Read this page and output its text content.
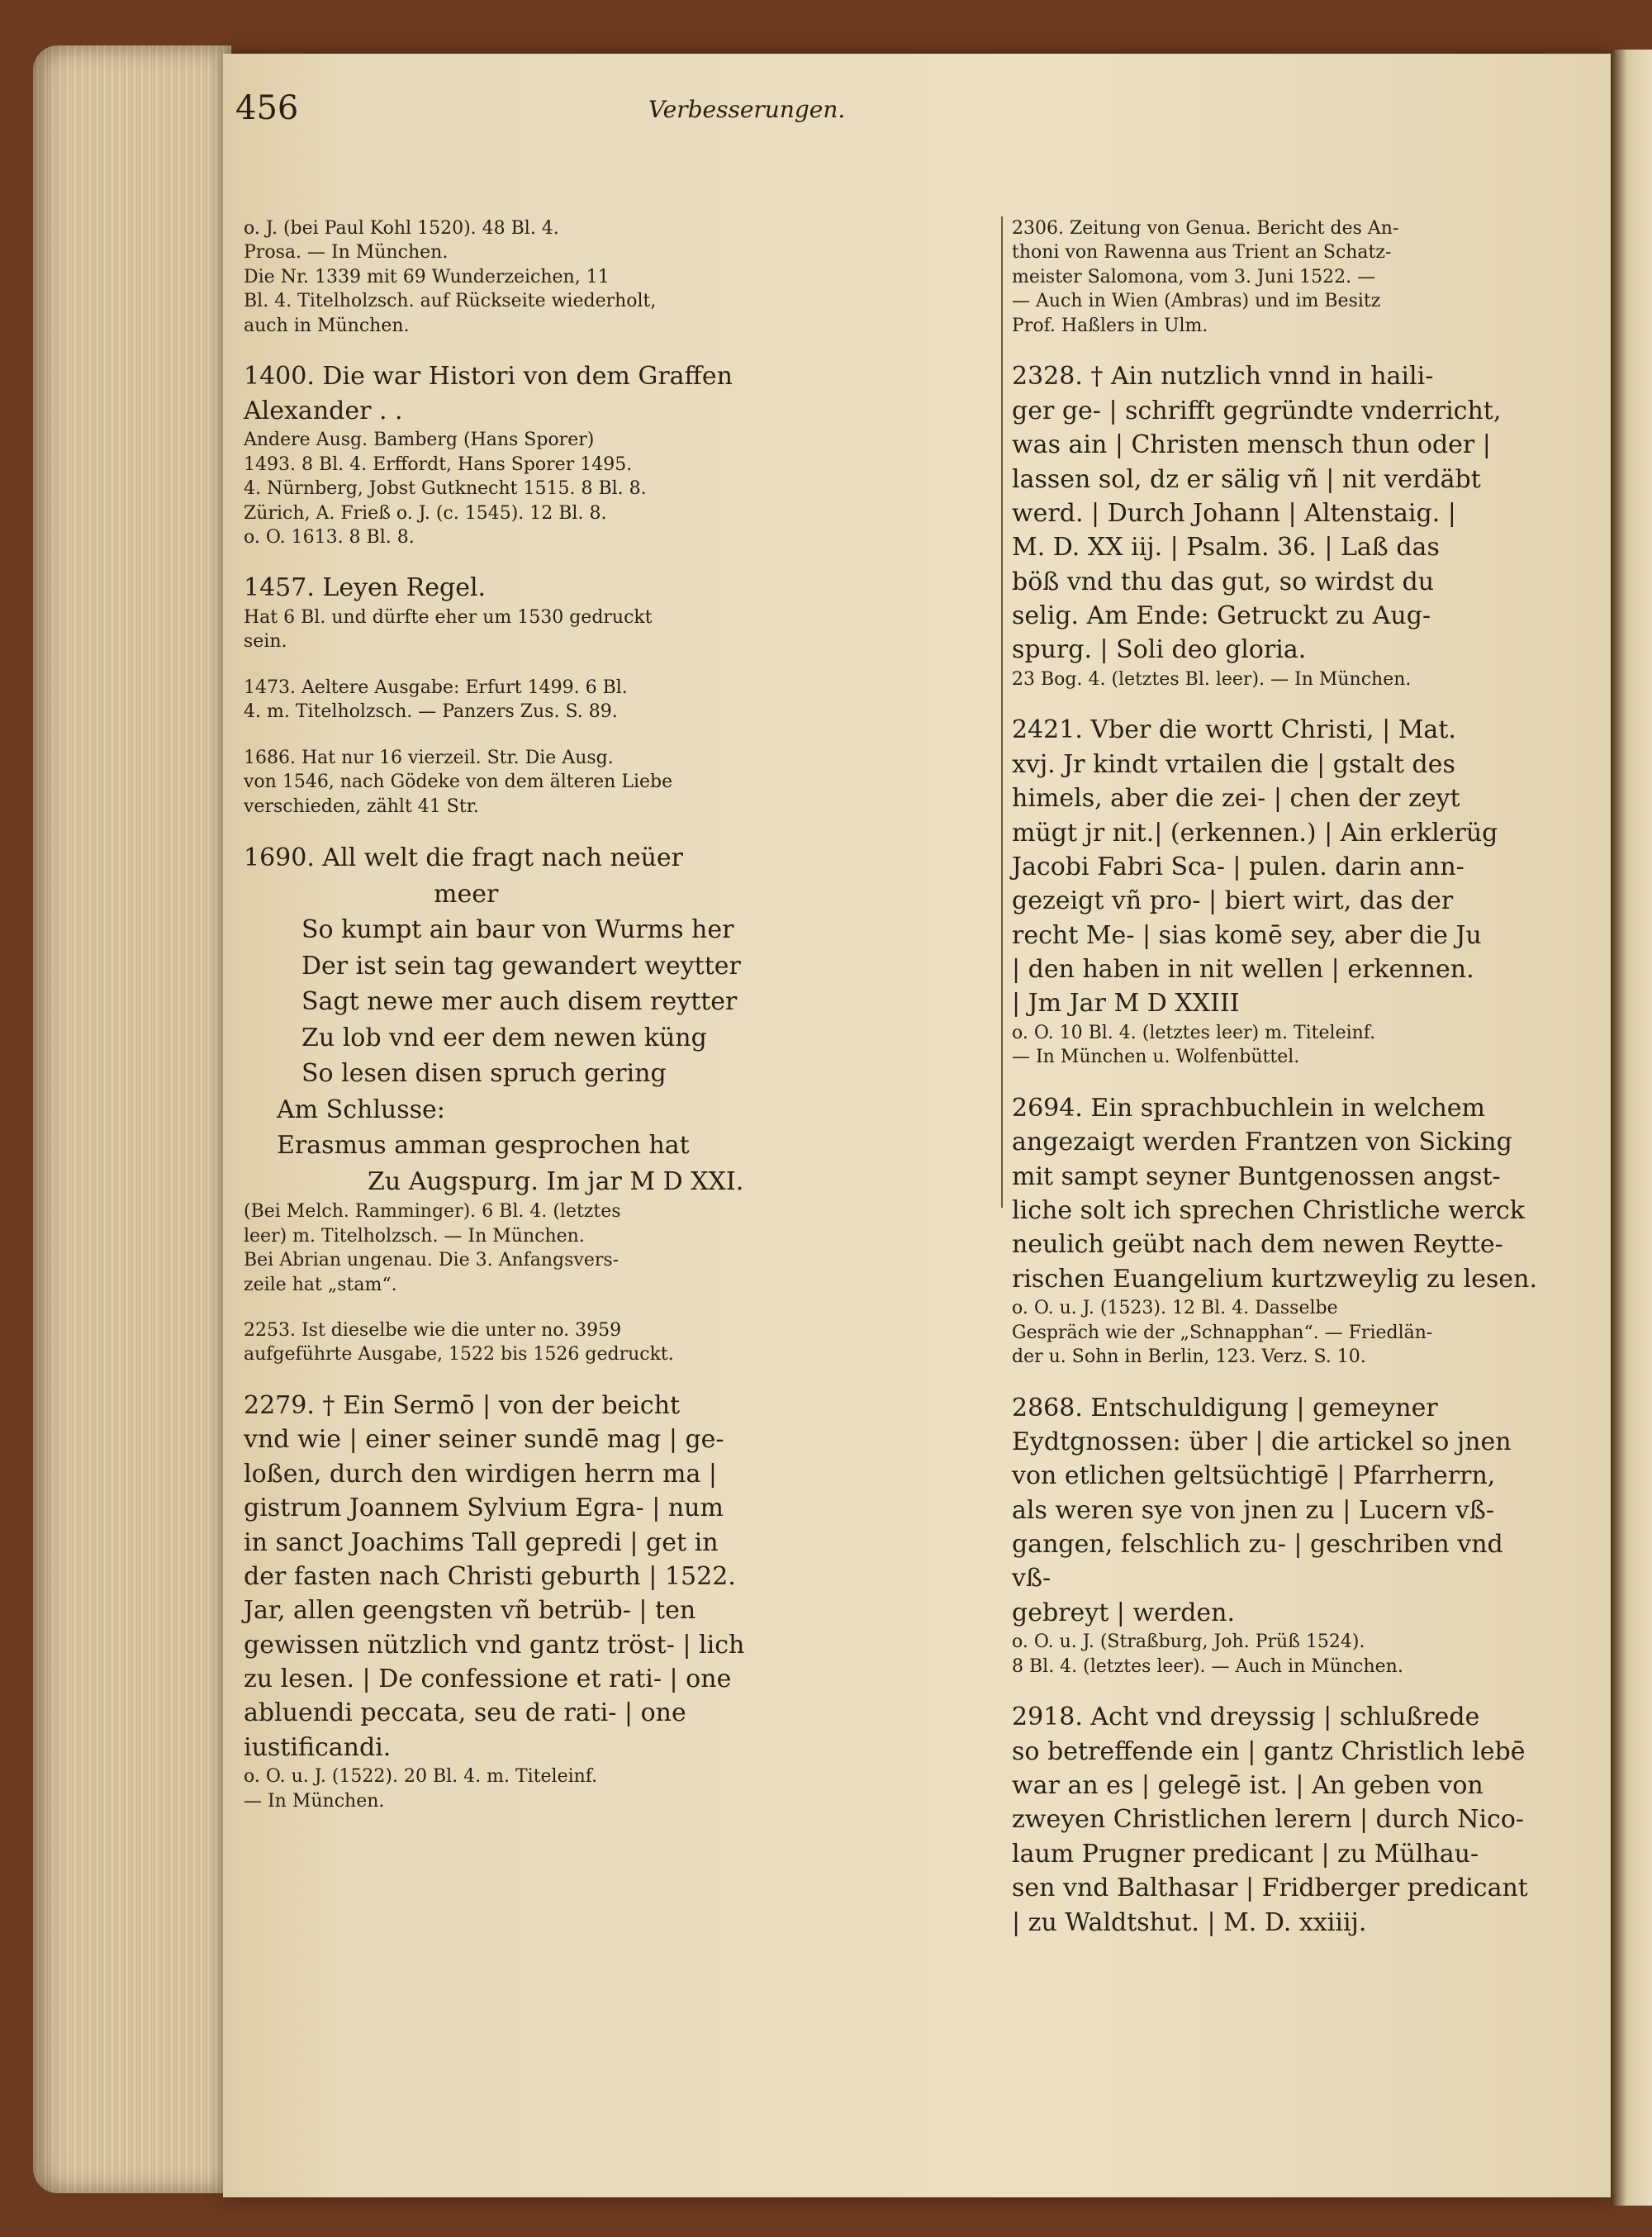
456	Verbesserungen.

o. J. (bei Paul Kohl 1520). 48 Bl. 4.

Prosa. — In München.

Die Nr. 1339 mit 69 Wunderzeichen, 11

Bl. 4. Titelholzsch. auf Rückseite wiederholt,

auch in München.

1400. Die war Histori von dem Graffen Alexander . .

Andere Ausg. Bamberg (Hans Sporer)

1493. 8 Bl. 4. Erffordt, Hans Sporer 1495.

4. Nürnberg, Jobst Gutknecht 1515. 8 Bl. 8.

Zürich, A. Frieß o. J. (c. 1545). 12 Bl. 8.

o. O. 1613. 8 Bl. 8.

1457. Leyen Regel.

Hat 6 Bl. und dürfte eher um 1530 gedruckt

sein.

1473. Aeltere Ausgabe: Erfurt 1499. 6 Bl.

4. m. Titelholzsch. — Panzers Zus. S. 89.

1686. Hat nur 16 vierzeil. Str. Die Ausg.

von 1546, nach Gödeke von dem älteren Liebe

verschieden, zählt 41 Str.

1690. All welt die fragt nach neüer
meer
So kumpt ain baur von Wurms her
Der ist sein tag gewandert weytter
Sagt newe mer auch disem reytter
Zu lob vnd eer dem newen küng
So lesen disen spruch gering
Am Schlusse:
Erasmus amman gesprochen hat
Zu Augspurg. Im jar M D XXI.

(Bei Melch. Ramminger). 6 Bl. 4. (letztes

leer) m. Titelholzsch. — In München.

Bei Abrian ungenau. Die 3. Anfangsvers-

zeile hat „stam“.

2253. Ist dieselbe wie die unter no. 3959

aufgeführte Ausgabe, 1522 bis 1526 gedruckt.

2279. † Ein Sermō | von der beicht

vnd wie | einer seiner sundē mag | ge-

loßen, durch den wirdigen herrn ma |

gistrum Joannem Sylvium Egra- | num

in sanct Joachims Tall gepredi | get in

der fasten nach Christi geburth | 1522.

Jar, allen geengsten vñ betrüb- | ten

gewissen nützlich vnd gantz tröst- | lich

zu lesen. | De confessione et rati- | one

abluendi peccata, seu de rati- | one

iustificandi.

o. O. u. J. (1522). 20 Bl. 4. m. Titeleinf.

— In München.

2306. Zeitung von Genua. Bericht des An-

thoni von Rawenna aus Trient an Schatz-

meister Salomona, vom 3. Juni 1522. —

— Auch in Wien (Ambras) und im Besitz

Prof. Haßlers in Ulm.

2328. † Ain nutzlich vnnd in haili-

ger ge- | schrifft gegründte vnderricht,

was ain | Christen mensch thun oder |

lassen sol, dz er sälig vñ | nit verdäbt

werd. | Durch Johann | Altenstaig. |

M. D. XX iij. | Psalm. 36. | Laß das

böß vnd thu das gut, so wirdst du

selig. Am Ende: Getruckt zu Aug-

spurg. | Soli deo gloria.

23 Bog. 4. (letztes Bl. leer). — In München.

2421. Vber die wortt Christi, | Mat.

xvj. Jr kindt vrtailen die | gstalt des

himels, aber die zei- | chen der zeyt

mügt jr nit.| (erkennen.) | Ain erklerüg

Jacobi Fabri Sca- | pulen. darin ann-

gezeigt vñ pro- | biert wirt, das der

recht Me- | sias komē sey, aber die Ju

| den haben in nit wellen | erkennen.

| Jm Jar M D XXIII

o. O. 10 Bl. 4. (letztes leer) m. Titeleinf.

— In München u. Wolfenbüttel.

2694. Ein sprachbuchlein in welchem

angezaigt werden Frantzen von Sicking

mit sampt seyner Buntgenossen angst-

liche solt ich sprechen Christliche werck

neulich geübt nach dem newen Reytte-

rischen Euangelium kurtzweylig zu lesen.

o. O. u. J. (1523). 12 Bl. 4. Dasselbe

Gespräch wie der „Schnapphan“. — Friedlän-

der u. Sohn in Berlin, 123. Verz. S. 10.

2868. Entschuldigung | gemeyner

Eydtgnossen: über | die artickel so jnen

von etlichen geltsüchtigē | Pfarrherrn,

als weren sye von jnen zu | Lucern vß-

gangen, felschlich zu- | geschriben vnd vß-

gebreyt | werden.

o. O. u. J. (Straßburg, Joh. Prüß 1524).

8 Bl. 4. (letztes leer). — Auch in München.

2918. Acht vnd dreyssig | schlußrede

so betreffende ein | gantz Christlich lebē

war an es | gelegē ist. | An geben von

zweyen Christlichen lerern | durch Nico-

laum Prugner predicant | zu Mülhau-

sen vnd Balthasar | Fridberger predicant

| zu Waldtshut. | M. D. xxiiij.
